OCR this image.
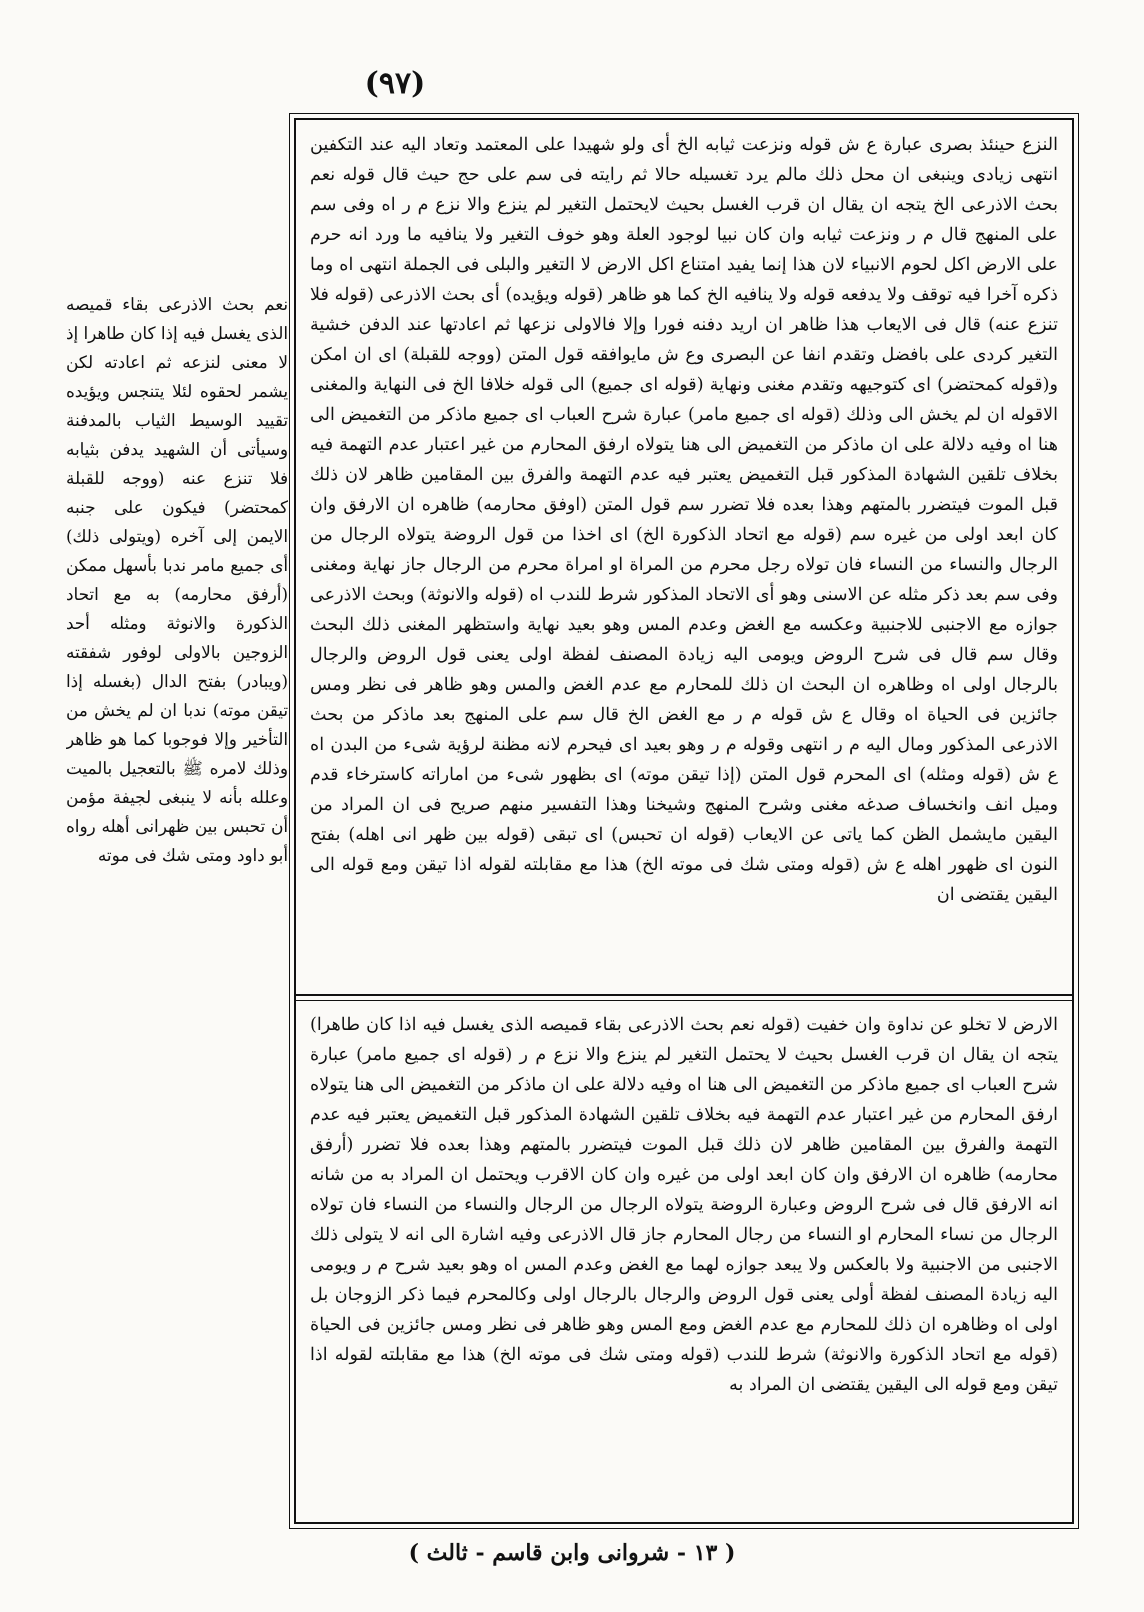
(٩٧)
النزع حينئذ بصرى عبارة ع ش قوله ونزعت ثيابه الخ أى ولو شهيدا على المعتمد وتعاد اليه عند التكفين انتهى زيادى وينبغى ان محل ذلك مالم يرد تغسيله حالا ثم رايته فى سم على حج حيث قال قوله نعم بحث الاذرعى الخ يتجه ان يقال ان قرب الغسل بحيث لايحتمل التغير لم ينزع والا نزع م ر اه وفى سم على المنهج قال م ر ونزعت ثيابه وان كان نبيا لوجود العلة وهو خوف التغير ولا ينافيه ما ورد انه حرم على الارض اكل لحوم الانبياء لان هذا إنما يفيد امتناع اكل الارض لا التغير والبلى فى الجملة انتهى اه وما ذكره آخرا فيه توقف ولا يدفعه قوله ولا ينافيه الخ كما هو ظاهر (قوله ويؤيده) أى بحث الاذرعى (قوله فلا تنزع عنه) قال فى الايعاب هذا ظاهر ان اريد دفنه فورا وإلا فالاولى نزعها ثم اعادتها عند الدفن خشية التغير كردى على بافضل وتقدم انفا عن البصرى وع ش مايوافقه قول المتن (ووجه للقبلة) اى ان امكن و(قوله كمحتضر) اى كتوجيهه وتقدم مغنى ونهاية (قوله اى جميع) الى قوله خلافا الخ فى النهاية والمغنى الاقوله ان لم يخش الى وذلك (قوله اى جميع مامر) عبارة شرح العباب اى جميع ماذكر من التغميض الى هنا اه وفيه دلالة على ان ماذكر من التغميض الى هنا يتولاه ارفق المحارم من غير اعتبار عدم التهمة فيه بخلاف تلقين الشهادة المذكور قبل التغميض يعتبر فيه عدم التهمة والفرق بين المقامين ظاهر لان ذلك قبل الموت فيتضرر بالمتهم وهذا بعده فلا تضرر سم قول المتن (اوفق محارمه) ظاهره ان الارفق وان كان ابعد اولى من غيره سم (قوله مع اتحاد الذكورة الخ) اى اخذا من قول الروضة يتولاه الرجال من الرجال والنساء من النساء فان تولاه رجل محرم من المراة او امراة محرم من الرجال جاز نهاية ومغنى وفى سم بعد ذكر مثله عن الاسنى وهو أى الاتحاد المذكور شرط للندب اه (قوله والانوثة) وبحث الاذرعى جوازه مع الاجنبى للاجنبية وعكسه مع الغض وعدم المس وهو بعيد نهاية واستظهر المغنى ذلك البحث وقال سم قال فى شرح الروض ويومى اليه زيادة المصنف لفظة اولى يعنى قول الروض والرجال بالرجال اولى اه وظاهره ان البحث ان ذلك للمحارم مع عدم الغض والمس وهو ظاهر فى نظر ومس جائزين فى الحياة اه وقال ع ش قوله م ر مع الغض الخ قال سم على المنهج بعد ماذكر من بحث الاذرعى المذكور ومال اليه م ر انتهى وقوله م ر وهو بعيد اى فيحرم لانه مظنة لرؤية شىء من البدن اه ع ش (قوله ومثله) اى المحرم قول المتن (إذا تيقن موته) اى بظهور شىء من اماراته كاسترخاء قدم وميل انف وانخساف صدغه مغنى وشرح المنهج وشيخنا وهذا التفسير منهم صريح فى ان المراد من اليقين مايشمل الظن كما ياتى عن الايعاب (قوله ان تحبس) اى تبقى (قوله بين ظهر انى اهله) بفتح النون اى ظهور اهله ع ش (قوله ومتى شك فى موته الخ) هذا مع مقابلته لقوله اذا تيقن ومع قوله الى اليقين يقتضى ان
الارض لا تخلو عن نداوة وان خفيت (قوله نعم بحث الاذرعى بقاء قميصه الذى يغسل فيه اذا كان طاهرا) يتجه ان يقال ان قرب الغسل بحيث لا يحتمل التغير لم ينزع والا نزع م ر (قوله اى جميع مامر) عبارة شرح العباب اى جميع ماذكر من التغميض الى هنا اه وفيه دلالة على ان ماذكر من التغميض الى هنا يتولاه ارفق المحارم من غير اعتبار عدم التهمة فيه بخلاف تلقين الشهادة المذكور قبل التغميض يعتبر فيه عدم التهمة والفرق بين المقامين ظاهر لان ذلك قبل الموت فيتضرر بالمتهم وهذا بعده فلا تضرر (أرفق محارمه) ظاهره ان الارفق وان كان ابعد اولى من غيره وان كان الاقرب ويحتمل ان المراد به من شانه انه الارفق قال فى شرح الروض وعبارة الروضة يتولاه الرجال من الرجال والنساء من النساء فان تولاه الرجال من نساء المحارم او النساء من رجال المحارم جاز قال الاذرعى وفيه اشارة الى انه لا يتولى ذلك الاجنبى من الاجنبية ولا بالعكس ولا يبعد جوازه لهما مع الغض وعدم المس اه وهو بعيد شرح م ر ويومى اليه زيادة المصنف لفظة أولى يعنى قول الروض والرجال بالرجال اولى وكالمحرم فيما ذكر الزوجان بل اولى اه وظاهره ان ذلك للمحارم مع عدم الغض ومع المس وهو ظاهر فى نظر ومس جائزين فى الحياة (قوله مع اتحاد الذكورة والانوثة) شرط للندب (قوله ومتى شك فى موته الخ) هذا مع مقابلته لقوله اذا تيقن ومع قوله الى اليقين يقتضى ان المراد به
نعم بحث الاذرعى بقاء قميصه الذى يغسل فيه إذا كان طاهرا إذ لا معنى لنزعه ثم اعادته لكن يشمر لحقوه لئلا يتنجس ويؤيده تقييد الوسيط الثياب بالمدفنة وسيأتى أن الشهيد يدفن بثيابه فلا تنزع عنه (ووجه للقبلة كمحتضر) فيكون على جنبه الايمن إلى آخره (ويتولى ذلك) أى جميع مامر ندبا بأسهل ممكن (أرفق محارمه) به مع اتحاد الذكورة والانوثة ومثله أحد الزوجين بالاولى لوفور شفقته (ويبادر) بفتح الدال (بغسله إذا تيقن موته) ندبا ان لم يخش من التأخير وإلا فوجوبا كما هو ظاهر وذلك لامره ﷺ بالتعجيل بالميت وعلله بأنه لا ينبغى لجيفة مؤمن أن تحبس بين ظهرانى أهله رواه أبو داود ومتى شك فى موته
( ١٣ - شروانى وابن قاسم - ثالث )
